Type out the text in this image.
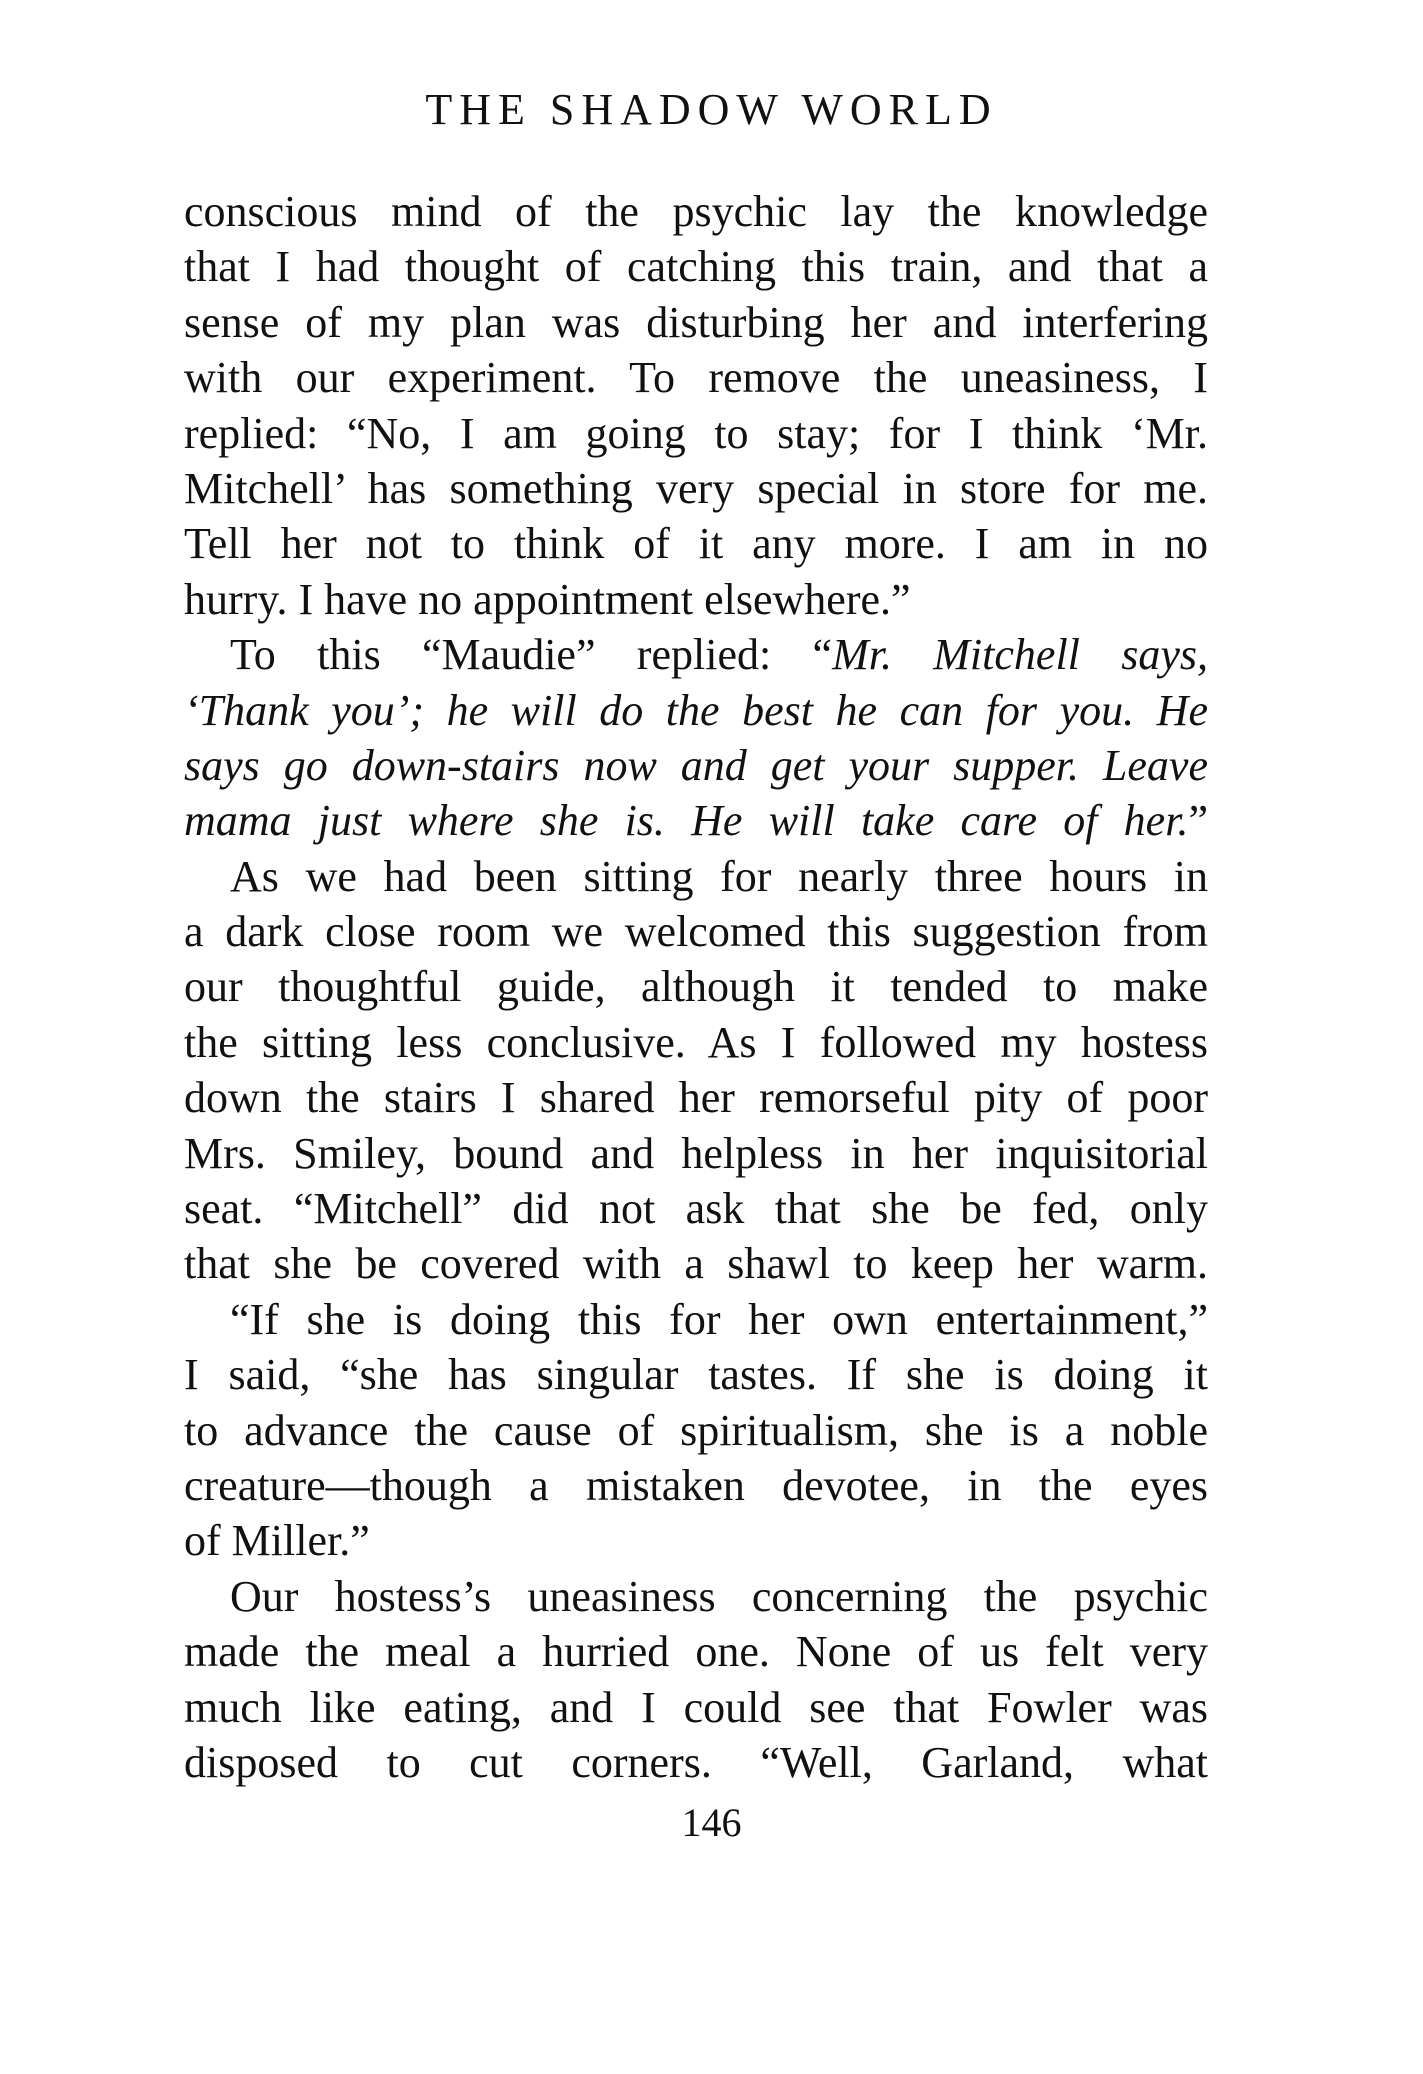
THE SHADOW WORLD
conscious mind of the psychic lay the knowledge
that I had thought of catching this train, and that a
sense of my plan was disturbing her and interfering
with our experiment. To remove the uneasiness, I
replied: “No, I am going to stay; for I think ‘Mr.
Mitchell’ has something very special in store for me.
Tell her not to think of it any more. I am in no
hurry. I have no appointment elsewhere.”
To this “Maudie” replied: “Mr. Mitchell says,
‘Thank you’; he will do the best he can for you. He
says go down-stairs now and get your supper. Leave
mama just where she is. He will take care of her.”
As we had been sitting for nearly three hours in
a dark close room we welcomed this suggestion from
our thoughtful guide, although it tended to make
the sitting less conclusive. As I followed my hostess
down the stairs I shared her remorseful pity of poor
Mrs. Smiley, bound and helpless in her inquisitorial
seat. “Mitchell” did not ask that she be fed, only
that she be covered with a shawl to keep her warm.
“If she is doing this for her own entertainment,”
I said, “she has singular tastes. If she is doing it
to advance the cause of spiritualism, she is a noble
creature—though a mistaken devotee, in the eyes
of Miller.”
Our hostess’s uneasiness concerning the psychic
made the meal a hurried one. None of us felt very
much like eating, and I could see that Fowler was
disposed to cut corners. “Well, Garland, what
146
